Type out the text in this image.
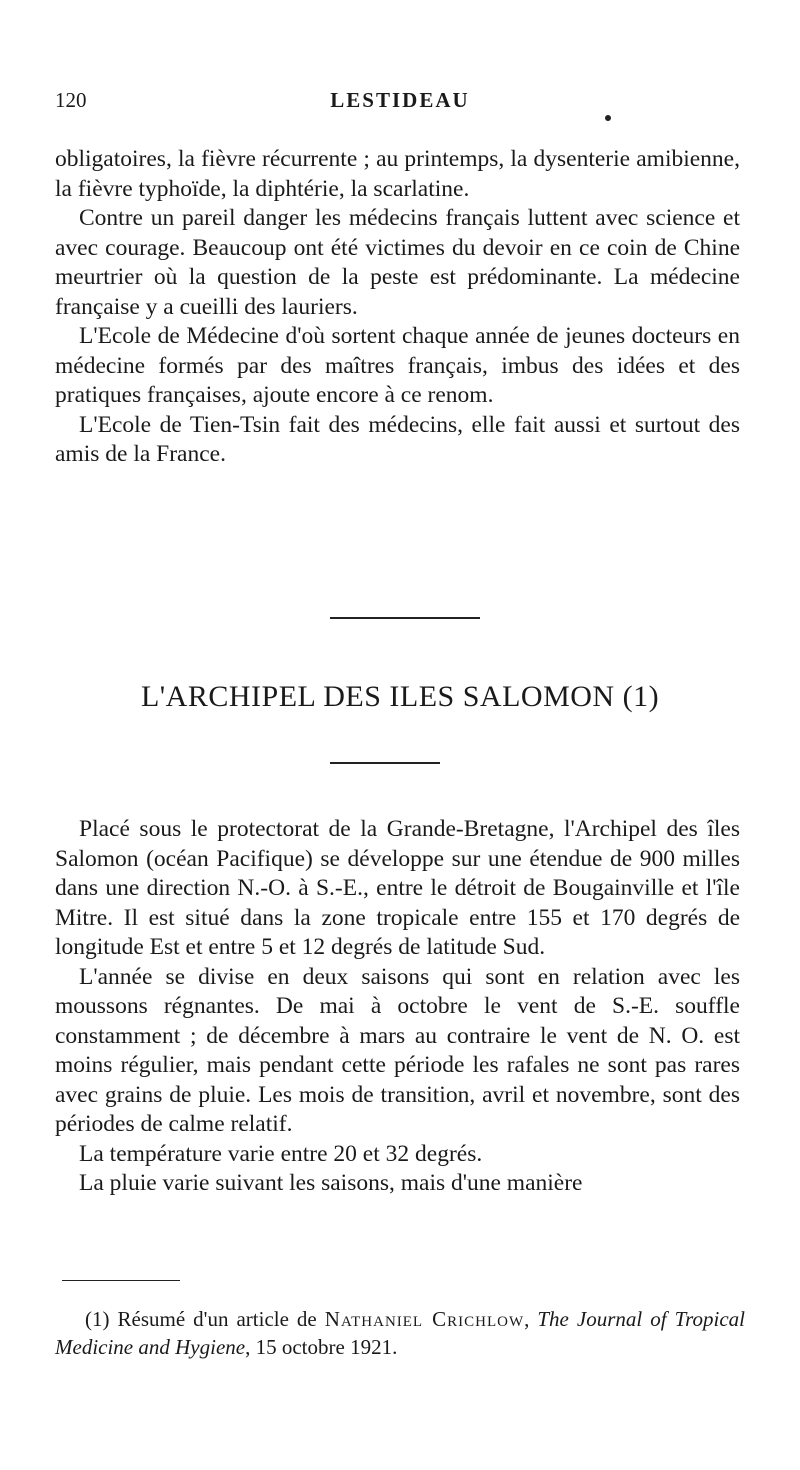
120	LESTIDEAU

obligatoires, la fièvre récurrente ; au printemps, la dysenterie amibienne, la fièvre typhoïde, la diphtérie, la scarlatine.

Contre un pareil danger les médecins français luttent avec science et avec courage. Beaucoup ont été victimes du devoir en ce coin de Chine meurtrier où la question de la peste est prédominante. La médecine française y a cueilli des lauriers.

L'Ecole de Médecine d'où sortent chaque année de jeunes docteurs en médecine formés par des maîtres français, imbus des idées et des pratiques françaises, ajoute encore à ce renom.

L'Ecole de Tien-Tsin fait des médecins, elle fait aussi et surtout des amis de la France.

L'ARCHIPEL DES ILES SALOMON (1)

Placé sous le protectorat de la Grande-Bretagne, l'Archipel des îles Salomon (océan Pacifique) se développe sur une étendue de 900 milles dans une direction N.-O. à S.-E., entre le détroit de Bougainville et l'île Mitre. Il est situé dans la zone tropicale entre 155 et 170 degrés de longitude Est et entre 5 et 12 degrés de latitude Sud.

L'année se divise en deux saisons qui sont en relation avec les moussons régnantes. De mai à octobre le vent de S.-E. souffle constamment ; de décembre à mars au contraire le vent de N. O. est moins régulier, mais pendant cette période les rafales ne sont pas rares avec grains de pluie. Les mois de transition, avril et novembre, sont des périodes de calme relatif.

La température varie entre 20 et 32 degrés.

La pluie varie suivant les saisons, mais d'une manière

(1) Résumé d'un article de Nathaniel Crichlow, The Journal of Tropical Medicine and Hygiene, 15 octobre 1921.
